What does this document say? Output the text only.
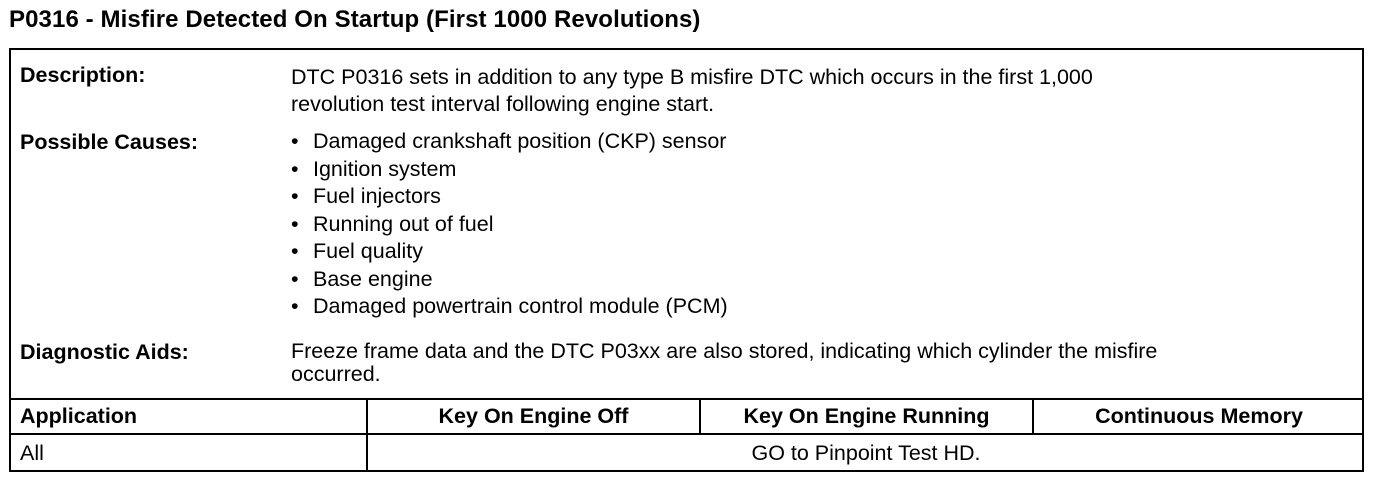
P0316 - Misfire Detected On Startup (First 1000 Revolutions)
Description:	DTC P0316 sets in addition to any type B misfire DTC which occurs in the first 1,000
revolution test interval following engine start.
Possible Causes:
•	Damaged crankshaft position (CKP) sensor
• Ignition system
• Fuel injectors
• Running out of fuel
• Fuel quality
• Base engine
• Damaged powertrain control module (PCM)
Diagnostic Aids:	Freeze frame data and the DTC P03xx are also stored, indicating which cylinder the misfire
occurred.
Application	Key On Engine Off	Key On Engine Running	Continuous Memory
All	GO to Pinpoint Test HD.
